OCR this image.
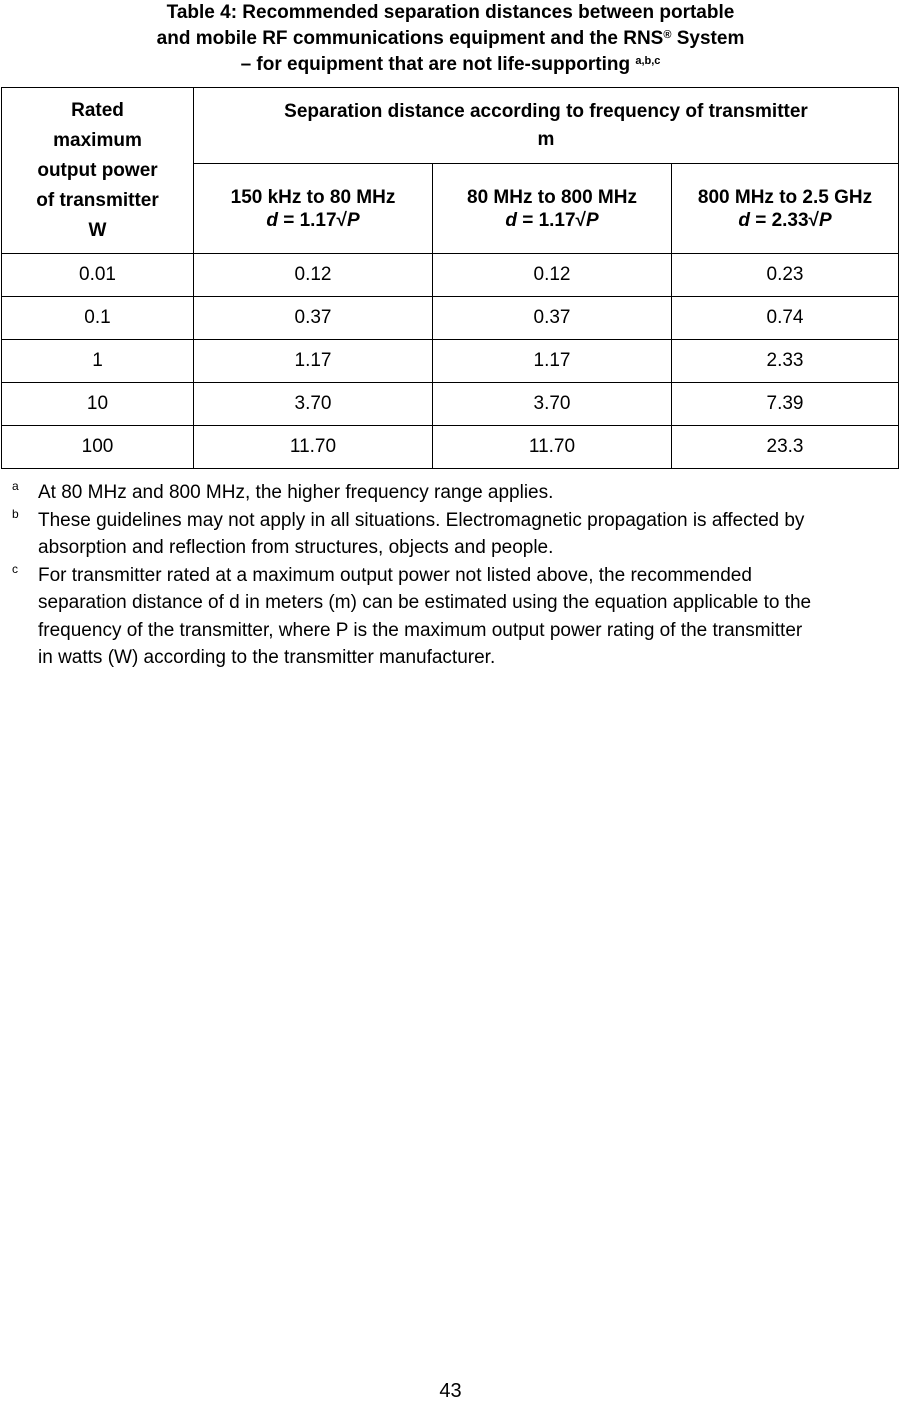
Table 4: Recommended separation distances between portable
and mobile RF communications equipment and the RNS® System
– for equipment that are not life-supporting $^{a,b,c}$
Rated
maximum
output power
of transmitter
W

Separation distance according to frequency of transmitter
m

150 kHz to 80 MHz
d = 1.17√P

80 MHz to 800 MHz
d = 1.17√P

800 MHz to 2.5 GHz
d = 2.33√P

0.01	0.12	0.12	0.23
0.1	0.37	0.37	0.74
1	1.17	1.17	2.33
10	3.70	3.70	7.39
100	11.70	11.70	23.3
a At 80 MHz and 800 MHz, the higher frequency range applies.
b These guidelines may not apply in all situations. Electromagnetic propagation is affected by
absorption and reflection from structures, objects and people.
c For transmitter rated at a maximum output power not listed above, the recommended
separation distance of d in meters (m) can be estimated using the equation applicable to the
frequency of the transmitter, where P is the maximum output power rating of the transmitter
in watts (W) according to the transmitter manufacturer.
43
